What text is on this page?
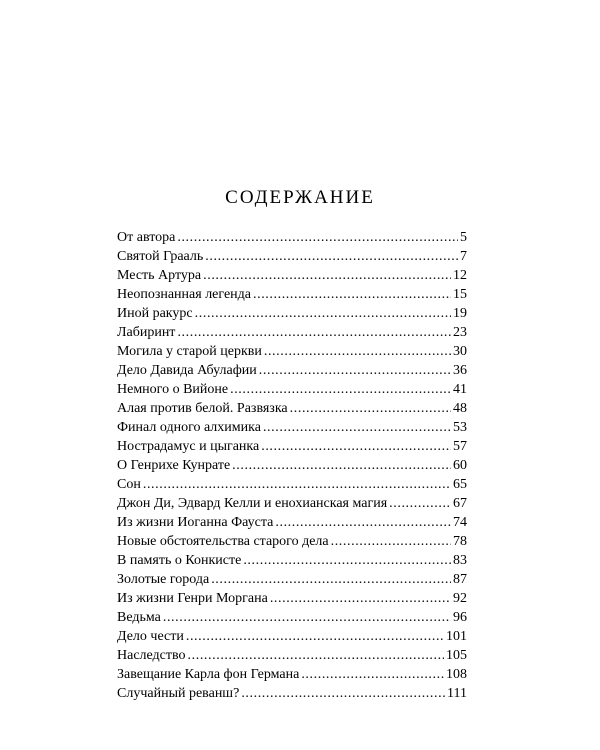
СОДЕРЖАНИЕ
От автора .....	5
Святой Грааль .....	7
Месть Артура .....	12
Неопознанная легенда .....	15
Иной ракурс .....	19
Лабиринт .....	23
Могила у старой церкви .....	30
Дело Давида Абулафии .....	36
Немного о Вийоне .....	41
Алая против белой. Развязка .....	48
Финал одного алхимика .....	53
Нострадамус и цыганка .....	57
О Генрихе Кунрате .....	60
Сон .....	65
Джон Ди, Эдвард Келли и енохианская магия .....	67
Из жизни Иоганна Фауста .....	74
Новые обстоятельства старого дела .....	78
В память о Конкисте .....	83
Золотые города .....	87
Из жизни Генри Моргана .....	92
Ведьма .....	96
Дело чести .....	101
Наследство .....	105
Завещание Карла фон Германа .....	108
Случайный реванш? .....	111
